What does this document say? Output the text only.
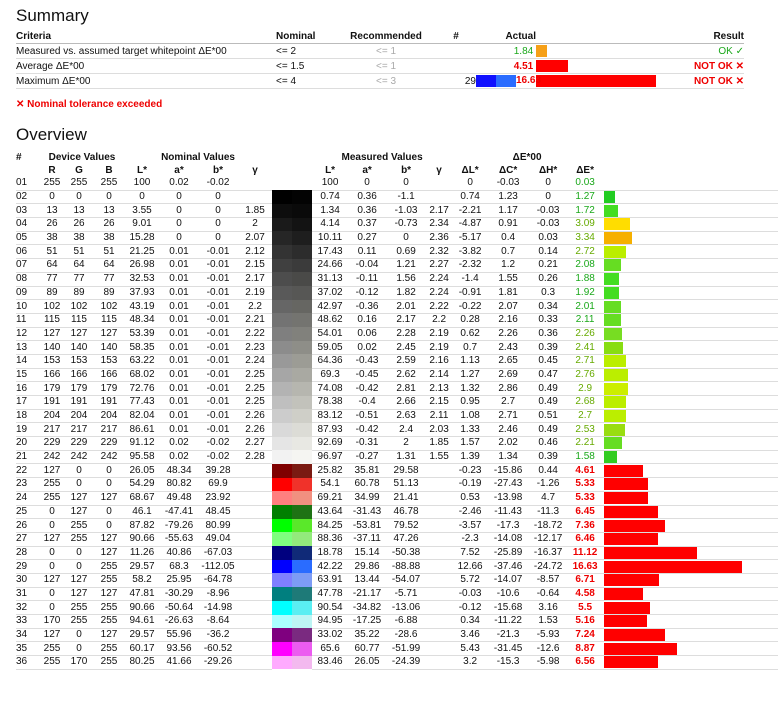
Summary
Criteria	Nominal	Recommended	#	Actual		Result
Measured vs. assumed target whitepoint ΔE*00	<= 2	<= 1		1.84		OK ✓
Average ΔE*00	<= 1.5	<= 1		4.51		NOT OK ✕
Maximum ΔE*00	<= 4	<= 3	29	16.63		NOT OK ✕
✕ Nominal tolerance exceeded
Overview
#	Device Values			Nominal Values						Measured Values				ΔE*00				
	R	G	B	L*	a*	b*	γ			L*	a*	b*	γ	ΔL*	ΔC*	ΔH*	ΔE*	
01	255	255	255	100	0.02	-0.02				100	0	0		0	-0.03	0	0.03	

02	0	0	0	0	0	0				0.74	0.36	-1.1		0.74	1.23	0	1.27	

03	13	13	13	3.55	0	0	1.85			1.34	0.36	-1.03	2.17	-2.21	1.17	-0.03	1.72	

04	26	26	26	9.01	0	0	2			4.14	0.37	-0.73	2.34	-4.87	0.91	-0.03	3.09	

05	38	38	38	15.28	0	0	2.07			10.11	0.27	0	2.36	-5.17	0.4	0.03	3.34	

06	51	51	51	21.25	0.01	-0.01	2.12			17.43	0.11	0.69	2.32	-3.82	0.7	0.14	2.72	

07	64	64	64	26.98	0.01	-0.01	2.15			24.66	-0.04	1.21	2.27	-2.32	1.2	0.21	2.08	

08	77	77	77	32.53	0.01	-0.01	2.17			31.13	-0.11	1.56	2.24	-1.4	1.55	0.26	1.88	

09	89	89	89	37.93	0.01	-0.01	2.19			37.02	-0.12	1.82	2.24	-0.91	1.81	0.3	1.92	

10	102	102	102	43.19	0.01	-0.01	2.2			42.97	-0.36	2.01	2.22	-0.22	2.07	0.34	2.01	

11	115	115	115	48.34	0.01	-0.01	2.21			48.62	0.16	2.17	2.2	0.28	2.16	0.33	2.11	

12	127	127	127	53.39	0.01	-0.01	2.22			54.01	0.06	2.28	2.19	0.62	2.26	0.36	2.26	

13	140	140	140	58.35	0.01	-0.01	2.23			59.05	0.02	2.45	2.19	0.7	2.43	0.39	2.41	

14	153	153	153	63.22	0.01	-0.01	2.24			64.36	-0.43	2.59	2.16	1.13	2.65	0.45	2.71	

15	166	166	166	68.02	0.01	-0.01	2.25			69.3	-0.45	2.62	2.14	1.27	2.69	0.47	2.76	

16	179	179	179	72.76	0.01	-0.01	2.25			74.08	-0.42	2.81	2.13	1.32	2.86	0.49	2.9	

17	191	191	191	77.43	0.01	-0.01	2.25			78.38	-0.4	2.66	2.15	0.95	2.7	0.49	2.68	

18	204	204	204	82.04	0.01	-0.01	2.26			83.12	-0.51	2.63	2.11	1.08	2.71	0.51	2.7	

19	217	217	217	86.61	0.01	-0.01	2.26			87.93	-0.42	2.4	2.03	1.33	2.46	0.49	2.53	

20	229	229	229	91.12	0.02	-0.02	2.27			92.69	-0.31	2	1.85	1.57	2.02	0.46	2.21	

21	242	242	242	95.58	0.02	-0.02	2.28			96.97	-0.27	1.31	1.55	1.39	1.34	0.39	1.58	

22	127	0	0	26.05	48.34	39.28				25.82	35.81	29.58		-0.23	-15.86	0.44	4.61	

23	255	0	0	54.29	80.82	69.9				54.1	60.78	51.13		-0.19	-27.43	-1.26	5.33	

24	255	127	127	68.67	49.48	23.92				69.21	34.99	21.41		0.53	-13.98	4.7	5.33	

25	0	127	0	46.1	-47.41	48.45				43.64	-31.43	46.78		-2.46	-11.43	-11.3	6.45	

26	0	255	0	87.82	-79.26	80.99				84.25	-53.81	79.52		-3.57	-17.3	-18.72	7.36	

27	127	255	127	90.66	-55.63	49.04				88.36	-37.11	47.26		-2.3	-14.08	-12.17	6.46	

28	0	0	127	11.26	40.86	-67.03				18.78	15.14	-50.38		7.52	-25.89	-16.37	11.12	

29	0	0	255	29.57	68.3	-112.05				42.22	29.86	-88.88		12.66	-37.46	-24.72	16.63	

30	127	127	255	58.2	25.95	-64.78				63.91	13.44	-54.07		5.72	-14.07	-8.57	6.71	

31	0	127	127	47.81	-30.29	-8.96				47.78	-21.17	-5.71		-0.03	-10.6	-0.64	4.58	

32	0	255	255	90.66	-50.64	-14.98				90.54	-34.82	-13.06		-0.12	-15.68	3.16	5.5	

33	170	255	255	94.61	-26.63	-8.64				94.95	-17.25	-6.88		0.34	-11.22	1.53	5.16	

34	127	0	127	29.57	55.96	-36.2				33.02	35.22	-28.6		3.46	-21.3	-5.93	7.24	

35	255	0	255	60.17	93.56	-60.52				65.6	60.77	-51.99		5.43	-31.45	-12.6	8.87	

36	255	170	255	80.25	41.66	-29.26				83.46	26.05	-24.39		3.2	-15.3	-5.98	6.56	
